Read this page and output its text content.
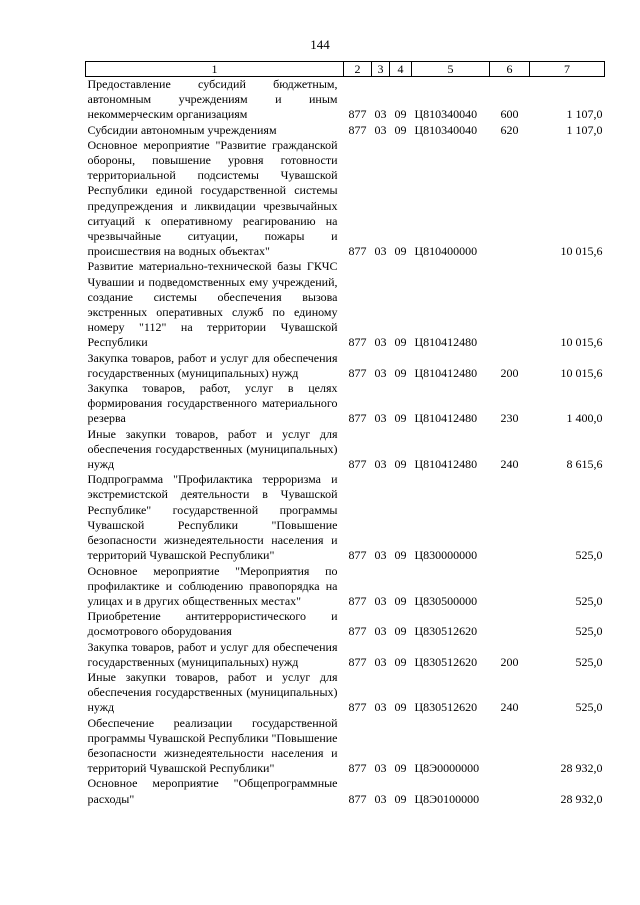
144
1	2	3	4	5	6	7
Предоставление субсидий бюджетным, автономным учреждениям и иным некоммерческим организациям	877	03	09	Ц810340040	600	1 107,0
Субсидии автономным учреждениям	877	03	09	Ц810340040	620	1 107,0
Основное мероприятие "Развитие гражданской обороны, повышение уровня готовности территориальной подсистемы Чувашской Республики единой государственной системы предупреждения и ликвидации чрезвычайных ситуаций к оперативному реагированию на чрезвычайные ситуации, пожары и происшествия на водных объектах"	877	03	09	Ц810400000		10 015,6
Развитие материально-технической базы ГКЧС Чувашии и подведомственных ему учреждений, создание системы обеспечения вызова экстренных оперативных служб по единому номеру "112" на территории Чувашской Республики	877	03	09	Ц810412480		10 015,6
Закупка товаров, работ и услуг для обеспечения государственных (муниципальных) нужд	877	03	09	Ц810412480	200	10 015,6
Закупка товаров, работ, услуг в целях формирования государственного материального резерва	877	03	09	Ц810412480	230	1 400,0
Иные закупки товаров, работ и услуг для обеспечения государственных (муниципальных) нужд	877	03	09	Ц810412480	240	8 615,6
Подпрограмма "Профилактика терроризма и экстремистской деятельности в Чувашской Республике" государственной программы Чувашской Республики "Повышение безопасности жизнедеятельности населения и территорий Чувашской Республики"	877	03	09	Ц830000000		525,0
Основное мероприятие "Мероприятия по профилактике и соблюдению правопорядка на улицах и в других общественных местах"	877	03	09	Ц830500000		525,0
Приобретение антитеррористического и досмотрового оборудования	877	03	09	Ц830512620		525,0
Закупка товаров, работ и услуг для обеспечения государственных (муниципальных) нужд	877	03	09	Ц830512620	200	525,0
Иные закупки товаров, работ и услуг для обеспечения государственных (муниципальных) нужд	877	03	09	Ц830512620	240	525,0
Обеспечение реализации государственной программы Чувашской Республики "Повышение безопасности жизнедеятельности населения и территорий Чувашской Республики"	877	03	09	Ц8Э0000000		28 932,0
Основное мероприятие "Общепрограммные расходы"	877	03	09	Ц8Э0100000		28 932,0
